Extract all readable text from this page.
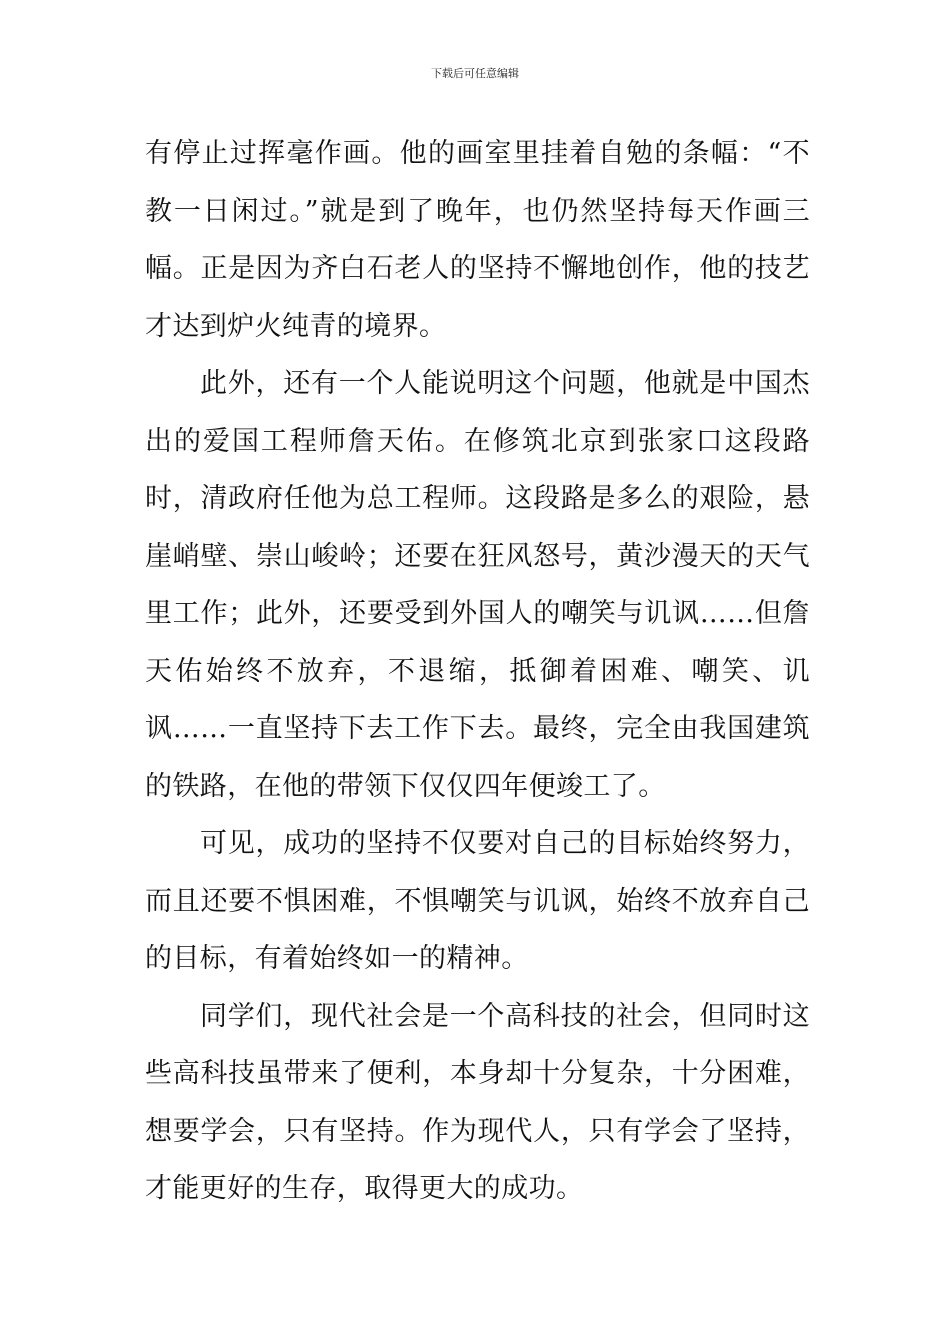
下载后可任意编辑

有停止过挥毫作画。他的画室里挂着自勉的条幅：“不教一日闲过。”就是到了晚年，也仍然坚持每天作画三幅。正是因为齐白石老人的坚持不懈地创作，他的技艺才达到炉火纯青的境界。

此外，还有一个人能说明这个问题，他就是中国杰出的爱国工程师詹天佑。在修筑北京到张家口这段路时，清政府任他为总工程师。这段路是多么的艰险，悬崖峭壁、崇山峻岭；还要在狂风怒号，黄沙漫天的天气里工作；此外，还要受到外国人的嘲笑与讥讽……但詹天佑始终不放弃，不退缩，抵御着困难、嘲笑、讥讽……一直坚持下去工作下去。最终，完全由我国建筑的铁路，在他的带领下仅仅四年便竣工了。

可见，成功的坚持不仅要对自己的目标始终努力，而且还要不惧困难，不惧嘲笑与讥讽，始终不放弃自己的目标，有着始终如一的精神。

同学们，现代社会是一个高科技的社会，但同时这些高科技虽带来了便利，本身却十分复杂，十分困难，想要学会，只有坚持。作为现代人，只有学会了坚持，才能更好的生存，取得更大的成功。
